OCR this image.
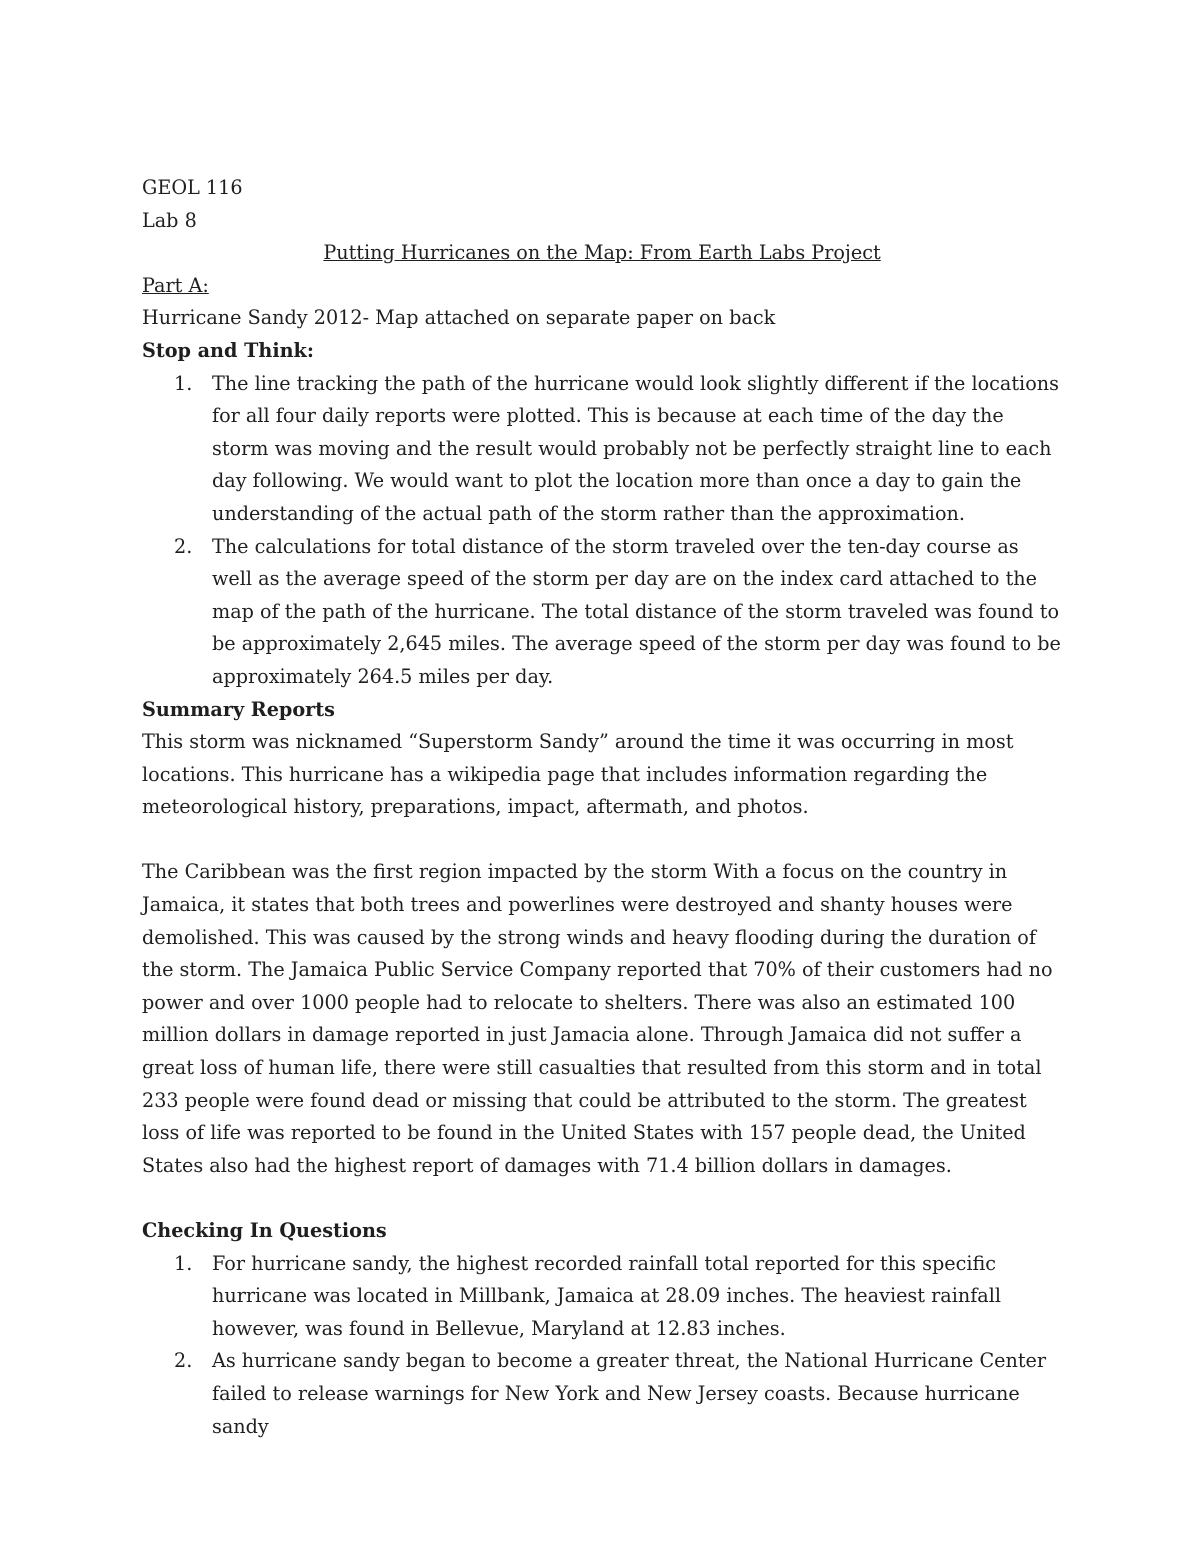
GEOL 116
Lab 8
Putting Hurricanes on the Map: From Earth Labs Project
Part A:
Hurricane Sandy 2012- Map attached on separate paper on back
Stop and Think:
1. The line tracking the path of the hurricane would look slightly different if the locations for all four daily reports were plotted. This is because at each time of the day the storm was moving and the result would probably not be perfectly straight line to each day following. We would want to plot the location more than once a day to gain the understanding of the actual path of the storm rather than the approximation.
2. The calculations for total distance of the storm traveled over the ten-day course as well as the average speed of the storm per day are on the index card attached to the map of the path of the hurricane. The total distance of the storm traveled was found to be approximately 2,645 miles. The average speed of the storm per day was found to be approximately 264.5 miles per day.
Summary Reports

This storm was nicknamed “Superstorm Sandy” around the time it was occurring in most locations. This hurricane has a wikipedia page that includes information regarding the meteorological history, preparations, impact, aftermath, and photos.

The Caribbean was the first region impacted by the storm With a focus on the country in Jamaica, it states that both trees and powerlines were destroyed and shanty houses were demolished. This was caused by the strong winds and heavy flooding during the duration of the storm. The Jamaica Public Service Company reported that 70% of their customers had no power and over 1000 people had to relocate to shelters. There was also an estimated 100 million dollars in damage reported in just Jamacia alone. Through Jamaica did not suffer a great loss of human life, there were still casualties that resulted from this storm and in total 233 people were found dead or missing that could be attributed to the storm. The greatest loss of life was reported to be found in the United States with 157 people dead, the United States also had the highest report of damages with 71.4 billion dollars in damages.

Checking In Questions
1. For hurricane sandy, the highest recorded rainfall total reported for this specific hurricane was located in Millbank, Jamaica at 28.09 inches. The heaviest rainfall however, was found in Bellevue, Maryland at 12.83 inches.
2. As hurricane sandy began to become a greater threat, the National Hurricane Center failed to release warnings for New York and New Jersey coasts. Because hurricane sandy
